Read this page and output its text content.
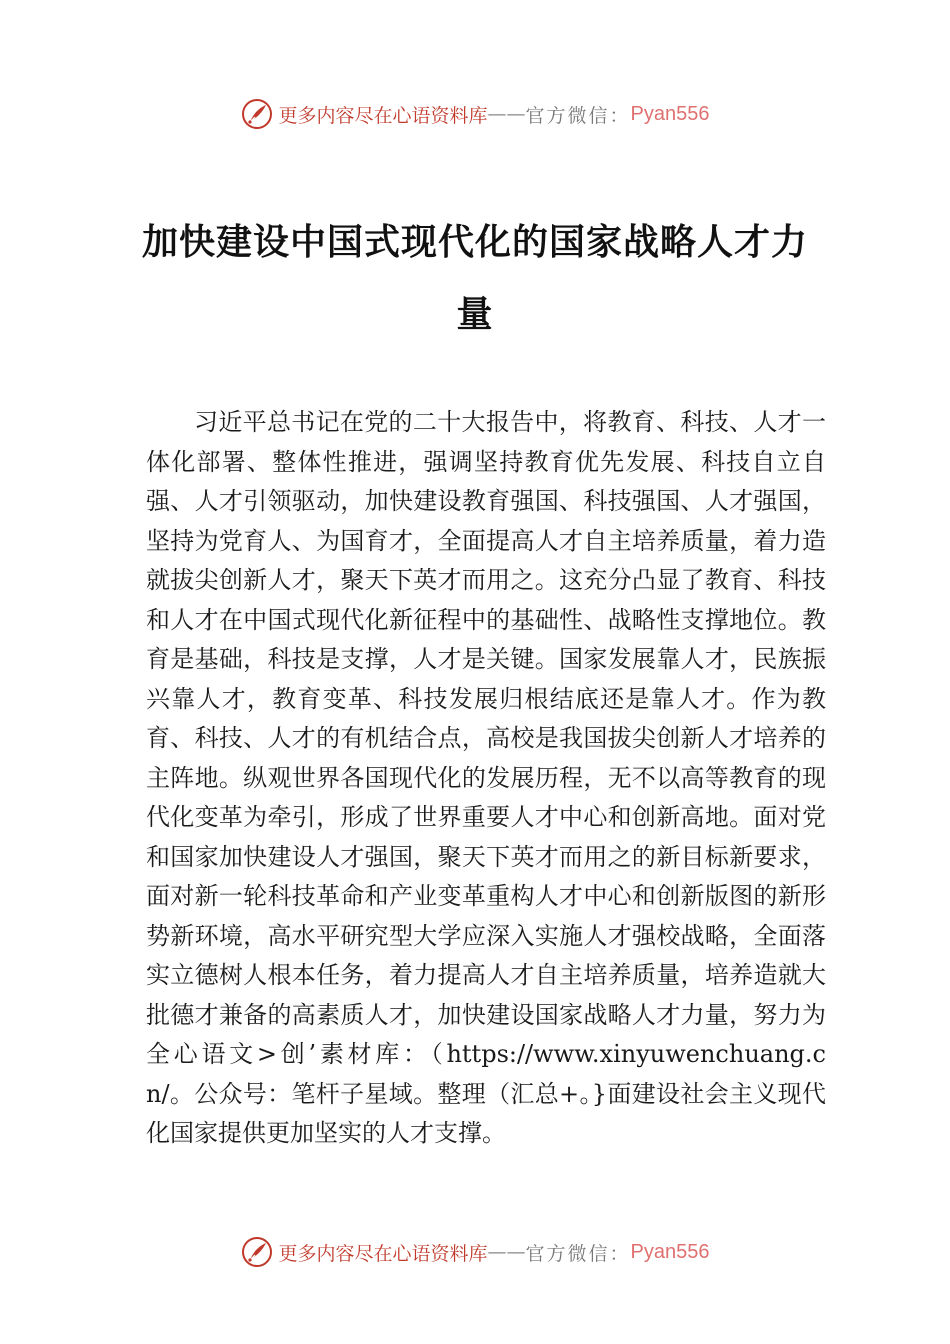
更多内容尽在心语资料库 —— 官方微信： Pyan556
加快建设中国式现代化的国家战略人才力
量

习近平总书记在党的二十大报告中，将教育、科技、人才一体化部署、整体性推进，强调坚持教育优先发展、科技自立自强、人才引领驱动，加快建设教育强国、科技强国、人才强国，坚持为党育人、为国育才，全面提高人才自主培养质量，着力造就拔尖创新人才，聚天下英才而用之。这充分凸显了教育、科技和人才在中国式现代化新征程中的基础性、战略性支撑地位。教育是基础，科技是支撑，人才是关键。国家发展靠人才，民族振兴靠人才，教育变革、科技发展归根结底还是靠人才。作为教育、科技、人才的有机结合点，高校是我国拔尖创新人才培养的主阵地。纵观世界各国现代化的发展历程，无不以高等教育的现代化变革为牵引，形成了世界重要人才中心和创新高地。面对党和国家加快建设人才强国，聚天下英才而用之的新目标新要求，面对新一轮科技革命和产业变革重构人才中心和创新版图的新形势新环境，高水平研究型大学应深入实施人才强校战略，全面落实立德树人根本任务，着力提高人才自主培养质量，培养造就大批德才兼备的高素质人才，加快建设国家战略人才力量，努力为全心语文>创’素材库：（https://www.xinyuwenchuang.cn/。公众号：笔杆子星域。整理（汇总+。}面建设社会主义现代化国家提供更加坚实的人才支撑。

更多内容尽在心语资料库 —— 官方微信： Pyan556
